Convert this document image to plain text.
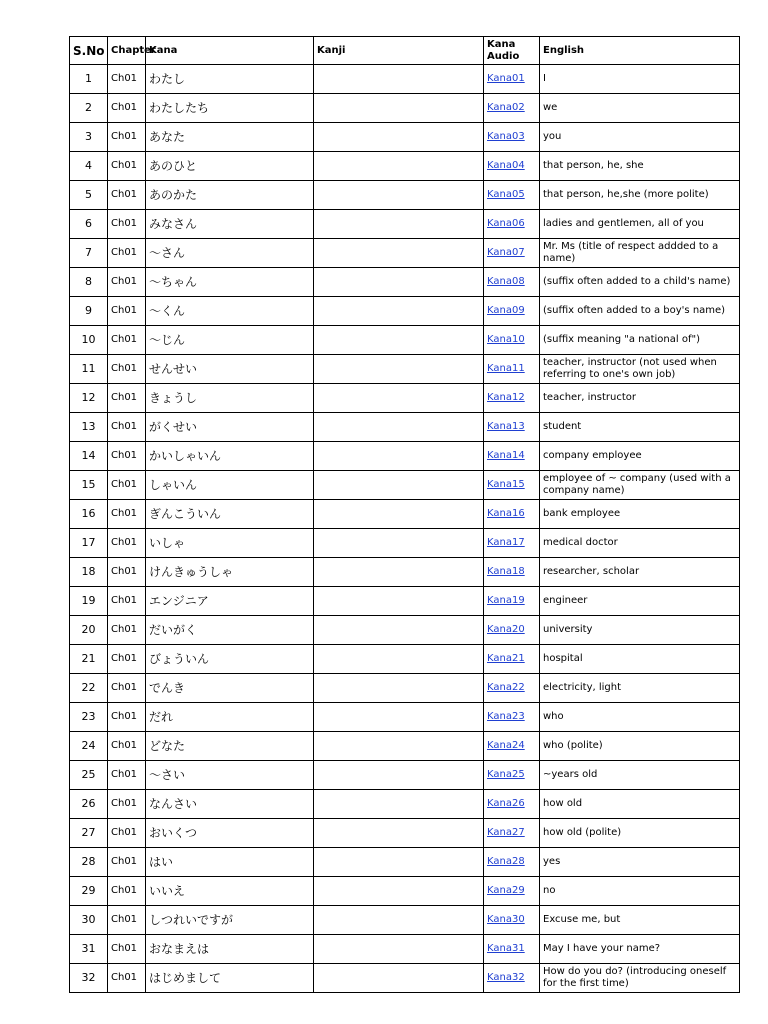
S.No	Chapter	Kana	Kanji	Kana Audio	English
1	Ch01	わたし		Kana01	I
2	Ch01	わたしたち		Kana02	we
3	Ch01	あなた		Kana03	you
4	Ch01	あのひと		Kana04	that person, he, she
5	Ch01	あのかた		Kana05	that person, he,she (more polite)
6	Ch01	みなさん		Kana06	ladies and gentlemen, all of you
7	Ch01	～さん		Kana07	Mr. Ms (title of respect addded to a name)
8	Ch01	～ちゃん		Kana08	(suffix often added to a child's name)
9	Ch01	～くん		Kana09	(suffix often added to a boy's name)
10	Ch01	～じん		Kana10	(suffix meaning "a national of")
11	Ch01	せんせい		Kana11	teacher, instructor (not used when referring to one's own job)
12	Ch01	きょうし		Kana12	teacher, instructor
13	Ch01	がくせい		Kana13	student
14	Ch01	かいしゃいん		Kana14	company employee
15	Ch01	しゃいん		Kana15	employee of ~ company (used with a company name)
16	Ch01	ぎんこういん		Kana16	bank employee
17	Ch01	いしゃ		Kana17	medical doctor
18	Ch01	けんきゅうしゃ		Kana18	researcher, scholar
19	Ch01	エンジニア		Kana19	engineer
20	Ch01	だいがく		Kana20	university
21	Ch01	びょういん		Kana21	hospital
22	Ch01	でんき		Kana22	electricity, light
23	Ch01	だれ		Kana23	who
24	Ch01	どなた		Kana24	who (polite)
25	Ch01	～さい		Kana25	~years old
26	Ch01	なんさい		Kana26	how old
27	Ch01	おいくつ		Kana27	how old (polite)
28	Ch01	はい		Kana28	yes
29	Ch01	いいえ		Kana29	no
30	Ch01	しつれいですが		Kana30	Excuse me, but
31	Ch01	おなまえは		Kana31	May I have your name?
32	Ch01	はじめまして		Kana32	How do you do? (introducing oneself for the first time)
